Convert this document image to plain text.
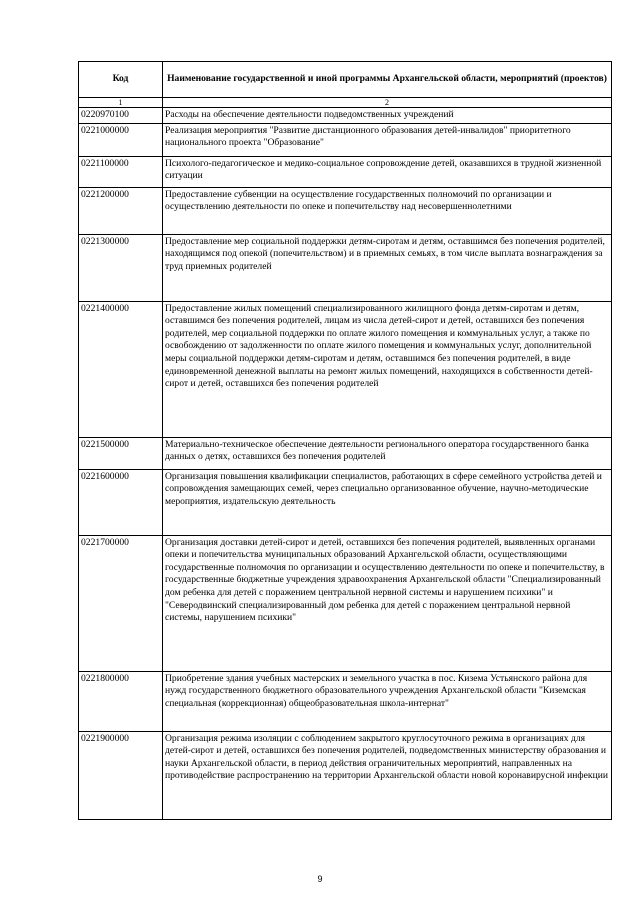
Код	Наименование государственной и иной программы Архангельской области, мероприятий (проектов)
1	2
0220970100	Расходы на обеспечение деятельности подведомственных учреждений
0221000000	Реализация мероприятия "Развитие дистанционного образования детей-инвалидов" приоритетного национального проекта "Образование"
0221100000	Психолого-педагогическое и медико-социальное сопровождение детей, оказавшихся в трудной жизненной ситуации
0221200000	Предоставление субвенции на осуществление государственных полномочий по организации и осуществлению деятельности по опеке и попечительству над несовершеннолетними
0221300000	Предоставление мер социальной поддержки детям-сиротам и детям, оставшимся без попечения родителей, находящимся под опекой (попечительством) и в приемных семьях, в том числе выплата вознаграждения за труд приемных родителей
0221400000	Предоставление жилых помещений специализированного жилищного фонда детям-сиротам и детям, оставшимся без попечения родителей, лицам из числа детей-сирот и детей, оставшихся без попечения родителей, мер социальной поддержки по оплате жилого помещения и коммунальных услуг, а также по освобождению от задолженности по оплате жилого помещения и коммунальных услуг, дополнительной меры социальной поддержки детям-сиротам и детям, оставшимся без попечения родителей, в виде единовременной денежной выплаты на ремонт жилых помещений, находящихся в собственности детей-сирот и детей, оставшихся без попечения родителей
0221500000	Материально-техническое обеспечение деятельности регионального оператора государственного банка данных о детях, оставшихся без попечения родителей
0221600000	Организация повышения квалификации специалистов, работающих в сфере семейного устройства детей и сопровождения замещающих семей, через специально организованное обучение, научно-методические мероприятия, издательскую деятельность
0221700000	Организация доставки детей-сирот и детей, оставшихся без попечения родителей, выявленных органами опеки и попечительства муниципальных образований Архангельской области, осуществляющими государственные полномочия по организации и осуществлению деятельности по опеке и попечительству, в государственные бюджетные учреждения здравоохранения Архангельской области "Специализированный дом ребенка для детей с поражением центральной нервной системы и нарушением психики" и "Северодвинский специализированный дом ребенка для детей с поражением центральной нервной системы, нарушением психики"
0221800000	Приобретение здания учебных мастерских и земельного участка в пос. Кизема Устьянского района для нужд государственного бюджетного образовательного учреждения Архангельской области "Киземская специальная (коррекционная) общеобразовательная школа-интернат"
0221900000	Организация режима изоляции с соблюдением закрытого круглосуточного режима в организациях для детей-сирот и детей, оставшихся без попечения родителей, подведомственных министерству образования и науки Архангельской области, в период действия ограничительных мероприятий, направленных на противодействие распространению на территории Архангельской области новой коронавирусной инфекции
9
